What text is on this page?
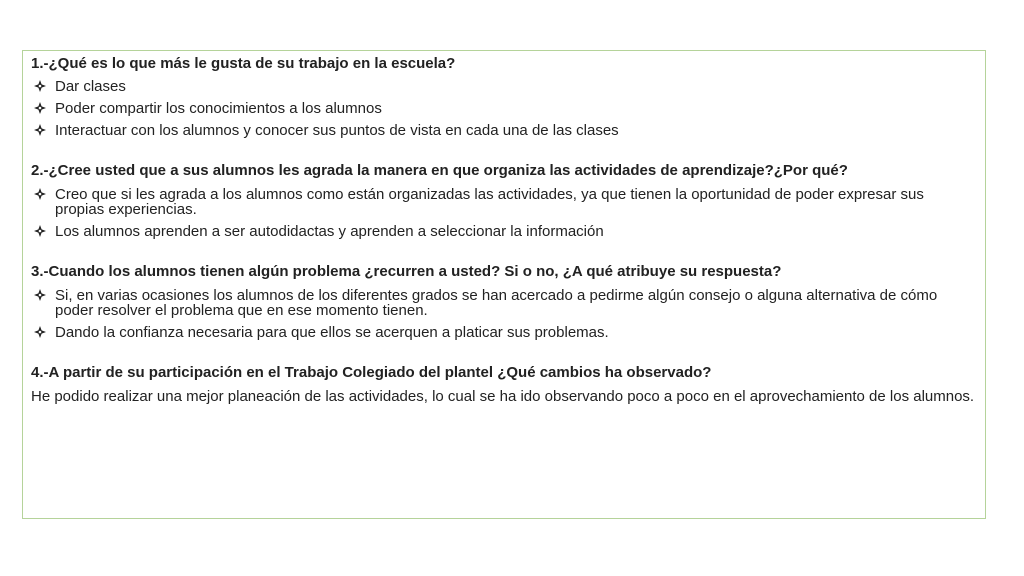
1.-¿Qué es lo que más le gusta de su trabajo en la escuela?

Dar clases
Poder compartir los conocimientos a los alumnos
Interactuar con los alumnos y conocer sus puntos de vista en cada una de las clases

2.-¿Cree usted que a sus alumnos les agrada la manera en que organiza las actividades de aprendizaje?¿Por qué?

Creo que si les agrada a los alumnos como están organizadas las actividades, ya que tienen la oportunidad de poder expresar sus propias experiencias.
Los alumnos aprenden a ser autodidactas y aprenden a seleccionar la información

3.-Cuando los alumnos tienen algún problema ¿recurren a usted? Si o no, ¿A qué atribuye su respuesta?

Si, en varias ocasiones los alumnos de los diferentes grados se han acercado a pedirme algún consejo o alguna alternativa de cómo poder resolver el problema que en ese momento tienen.
Dando la confianza necesaria para que ellos se acerquen a platicar sus problemas.

4.-A partir de su participación en el Trabajo Colegiado del plantel ¿Qué cambios ha observado?

He podido realizar una mejor planeación de las actividades, lo cual se ha ido observando poco a poco en el aprovechamiento de los alumnos.
